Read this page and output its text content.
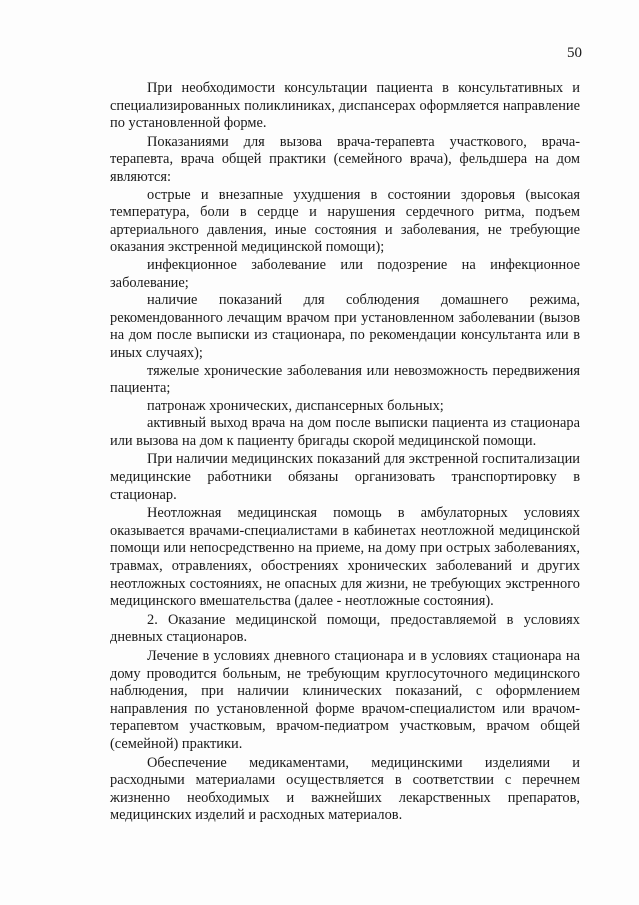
50

При необходимости консультации пациента в консультативных и специализированных поликлиниках, диспансерах оформляется направление по установленной форме.

Показаниями для вызова врача-терапевта участкового, врача-терапевта, врача общей практики (семейного врача), фельдшера на дом являются:

острые и внезапные ухудшения в состоянии здоровья (высокая температура, боли в сердце и нарушения сердечного ритма, подъем артериального давления, иные состояния и заболевания, не требующие оказания экстренной медицинской помощи);

инфекционное заболевание или подозрение на инфекционное заболевание;

наличие показаний для соблюдения домашнего режима, рекомендованного лечащим врачом при установленном заболевании (вызов на дом после выписки из стационара, по рекомендации консультанта или в иных случаях);

тяжелые хронические заболевания или невозможность передвижения пациента;

патронаж хронических, диспансерных больных;

активный выход врача на дом после выписки пациента из стационара или вызова на дом к пациенту бригады скорой медицинской помощи.

При наличии медицинских показаний для экстренной госпитализации медицинские работники обязаны организовать транспортировку в стационар.

Неотложная медицинская помощь в амбулаторных условиях оказывается врачами-специалистами в кабинетах неотложной медицинской помощи или непосредственно на приеме, на дому при острых заболеваниях, травмах, отравлениях, обострениях хронических заболеваний и других неотложных состояниях, не опасных для жизни, не требующих экстренного медицинского вмешательства (далее - неотложные состояния).

2. Оказание медицинской помощи, предоставляемой в условиях дневных стационаров.

Лечение в условиях дневного стационара и в условиях стационара на дому проводится больным, не требующим круглосуточного медицинского наблюдения, при наличии клинических показаний, с оформлением направления по установленной форме врачом-специалистом или врачом-терапевтом участковым, врачом-педиатром участковым, врачом общей (семейной) практики.

Обеспечение медикаментами, медицинскими изделиями и расходными материалами осуществляется в соответствии с перечнем жизненно необходимых и важнейших лекарственных препаратов, медицинских изделий и расходных материалов.
